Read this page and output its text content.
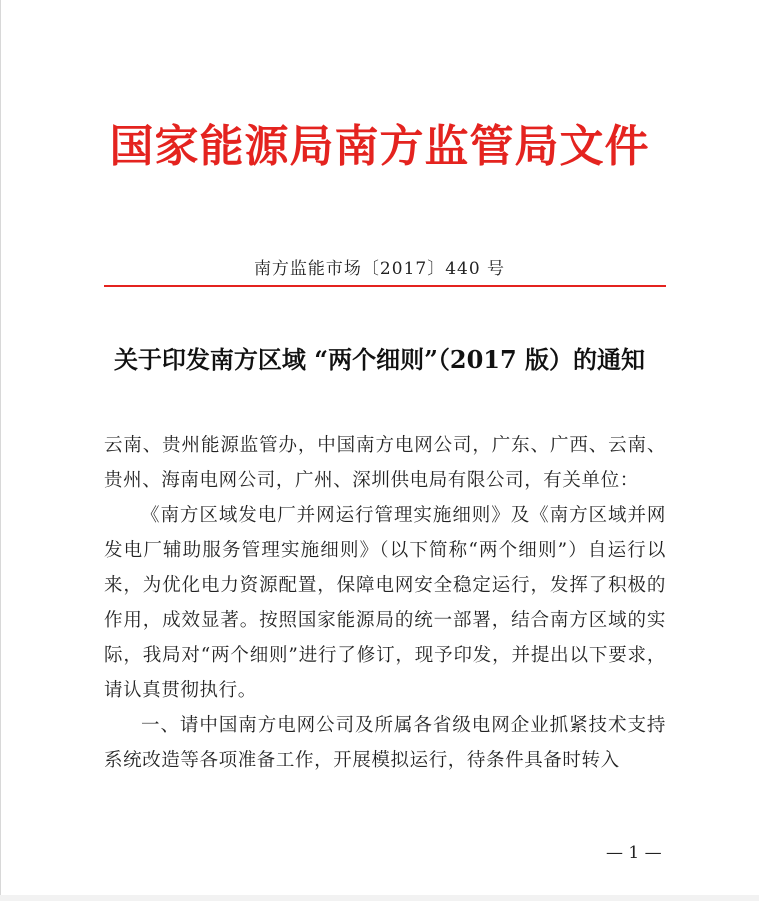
国家能源局南方监管局文件
南方监能市场〔2017〕440 号
关于印发南方区域 “两个细则”（2017 版）的通知

云南、贵州能源监管办，中国南方电网公司，广东、广西、云南、贵州、海南电网公司，广州、深圳供电局有限公司，有关单位：

《南方区域发电厂并网运行管理实施细则》及《南方区域并网发电厂辅助服务管理实施细则》（以下简称“两个细则”）自运行以来，为优化电力资源配置，保障电网安全稳定运行，发挥了积极的作用，成效显著。按照国家能源局的统一部署，结合南方区域的实际，我局对“两个细则”进行了修订，现予印发，并提出以下要求，请认真贯彻执行。

一、请中国南方电网公司及所属各省级电网企业抓紧技术支持系统改造等各项准备工作，开展模拟运行，待条件具备时转入

— 1 —
